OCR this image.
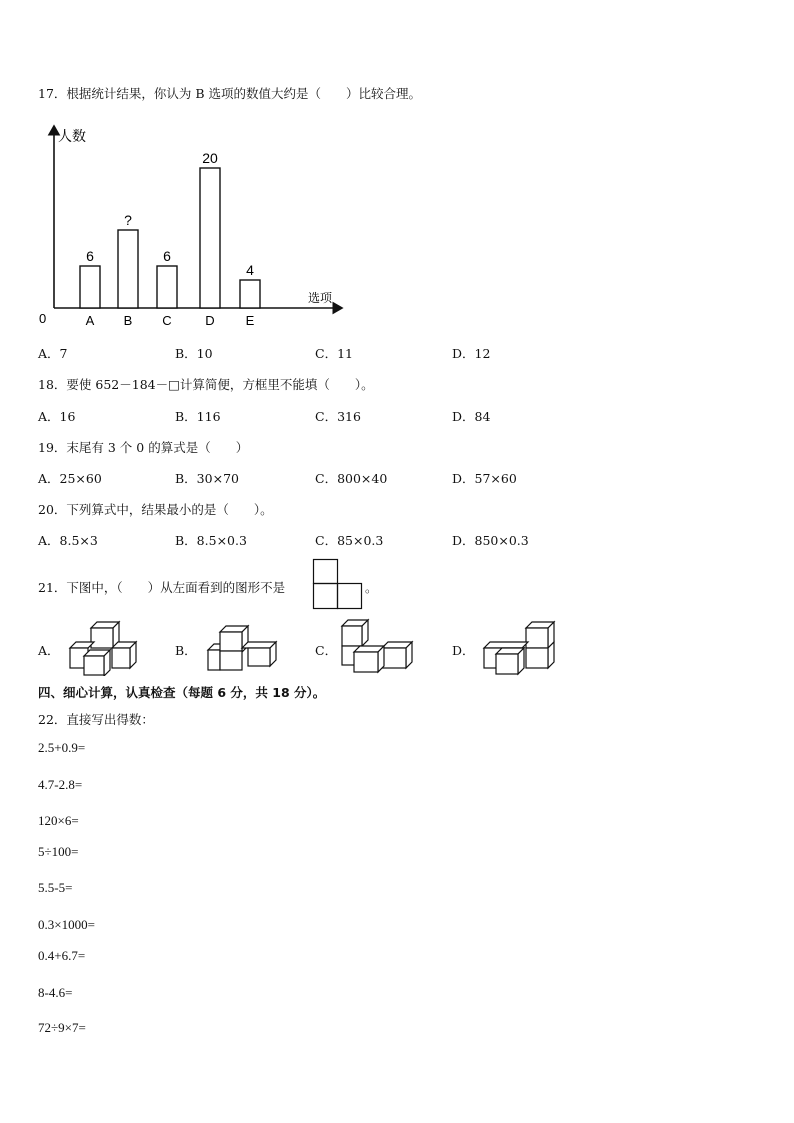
17．根据统计结果，你认为 B 选项的数值大约是（　　）比较合理。
人数
选项
0
6
A
?
B
6
C
20
D
4
E
A．7	B．10	C．11	D．12
18．要使 652－184－□计算简便，方框里不能填（　　）。
A．16	B．116	C．316	D．84
19．末尾有 3 个 0 的算式是（　　）
A．25×60	B．30×70	C．800×40	D．57×60
20．下列算式中，结果最小的是（　　）。
A．8.5×3	B．8.5×0.3	C．85×0.3	D．850×0.3
21．下图中，（　　）从左面看到的图形不是	。
A．	B．	C．	D．
四、细心计算，认真检查（每题 6 分，共 18 分）。
22．直接写出得数：
2.5+0.9=
4.7-2.8=
120×6=
5÷100=
5.5-5=
0.3×1000=
0.4+6.7=
8-4.6=
72÷9×7=
